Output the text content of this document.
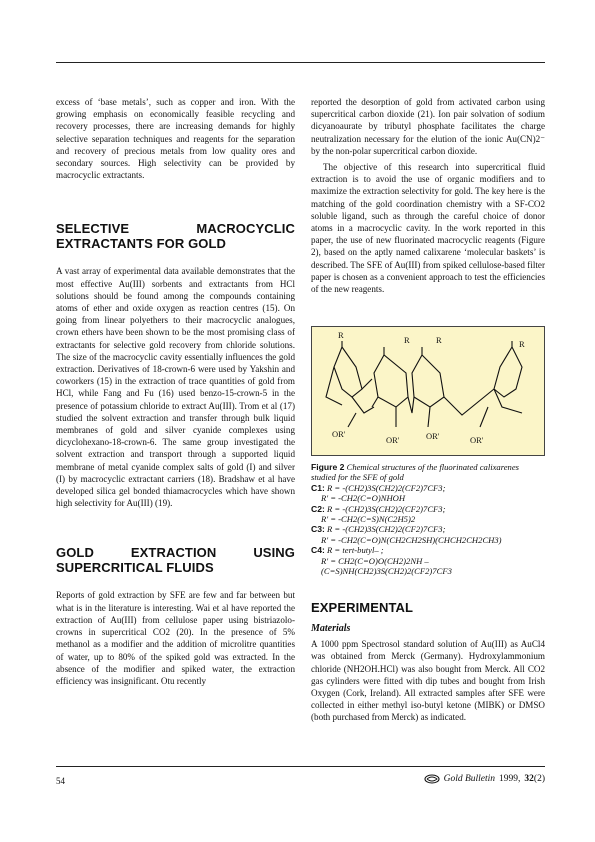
excess of ‘base metals’, such as copper and iron. With the growing emphasis on economically feasible recycling and recovery processes, there are increasing demands for highly selective separation techniques and reagents for the separation and recovery of precious metals from low quality ores and secondary sources. High selectivity can be provided by macrocyclic extractants.

SELECTIVE MACROCYCLIC EXTRACTANTS FOR GOLD

A vast array of experimental data available demonstrates that the most effective Au(III) sorbents and extractants from HCl solutions should be found among the compounds containing atoms of ether and oxide oxygen as reaction centres (15). On going from linear polyethers to their macrocyclic analogues, crown ethers have been shown to be the most promising class of extractants for selective gold recovery from chloride solutions. The size of the macrocyclic cavity essentially influences the gold extraction. Derivatives of 18-crown-6 were used by Yakshin and coworkers (15) in the extraction of trace quantities of gold from HCl, while Fang and Fu (16) used benzo-15-crown-5 in the presence of potassium chloride to extract Au(III). Trom et al (17) studied the solvent extraction and transfer through bulk liquid membranes of gold and silver cyanide complexes using dicyclohexano-18-crown-6. The same group investigated the solvent extraction and transport through a supported liquid membrane of metal cyanide complex salts of gold (I) and silver (I) by macrocyclic extractant carriers (18). Bradshaw et al have developed silica gel bonded thiamacrocycles which have shown high selectivity for Au(III) (19).

GOLD EXTRACTION USING SUPERCRITICAL FLUIDS

Reports of gold extraction by SFE are few and far between but what is in the literature is interesting. Wai et al have reported the extraction of Au(III) from cellulose paper using bistriazolo-crowns in supercritical CO2 (20). In the presence of 5% methanol as a modifier and the addition of microlitre quantities of water, up to 80% of the spiked gold was extracted. In the absence of the modifier and spiked water, the extraction efficiency was insignificant. Otu recently

reported the desorption of gold from activated carbon using supercritical carbon dioxide (21). Ion pair solvation of sodium dicyanoaurate by tributyl phosphate facilitates the charge neutralization necessary for the elution of the ionic Au(CN)2⁻ by the non-polar supercritical carbon dioxide.

The objective of this research into supercritical fluid extraction is to avoid the use of organic modifiers and to maximize the extraction selectivity for gold. The key here is the matching of the gold coordination chemistry with a SF-CO2 soluble ligand, such as through the careful choice of donor atoms in a macrocyclic cavity. In the work reported in this paper, the use of new fluorinated macrocyclic reagents (Figure 2), based on the aptly named calixarene ‘molecular baskets’ is described. The SFE of Au(III) from spiked cellulose-based filter paper is chosen as a convenient approach to test the efficiencies of the new reagents.

R	R	R	R
OR'
OR'	OR'	OR'

Figure 2 Chemical structures of the fluorinated calixarenes studied for the SFE of gold

C1: R = -(CH2)3S(CH2)2(CF2)7CF3;

R' = -CH2(C=O)NHOH

C2: R = -(CH2)3S(CH2)2(CF2)7CF3;

R' = -CH2(C=S)N(C2H5)2

C3: R = -(CH2)3S(CH2)2(CF2)7CF3;

R' = -CH2(C=O)N(CH2CH2SH)(CHCH2CH2CH3)

C4: R = tert-butyl– ;

R' = CH2(C=O)O(CH2)2NH – (C=S)NH(CH2)3S(CH2)2(CF2)7CF3

EXPERIMENTAL
Materials

A 1000 ppm Spectrosol standard solution of Au(III) as AuCl4 was obtained from Merck (Germany). Hydroxylammonium chloride (NH2OH.HCl) was also bought from Merck. All CO2 gas cylinders were fitted with dip tubes and bought from Irish Oxygen (Cork, Ireland). All extracted samples after SFE were collected in either methyl iso-butyl ketone (MIBK) or DMSO (both purchased from Merck) as indicated.

54	Gold Bulletin 1999, 32(2)
